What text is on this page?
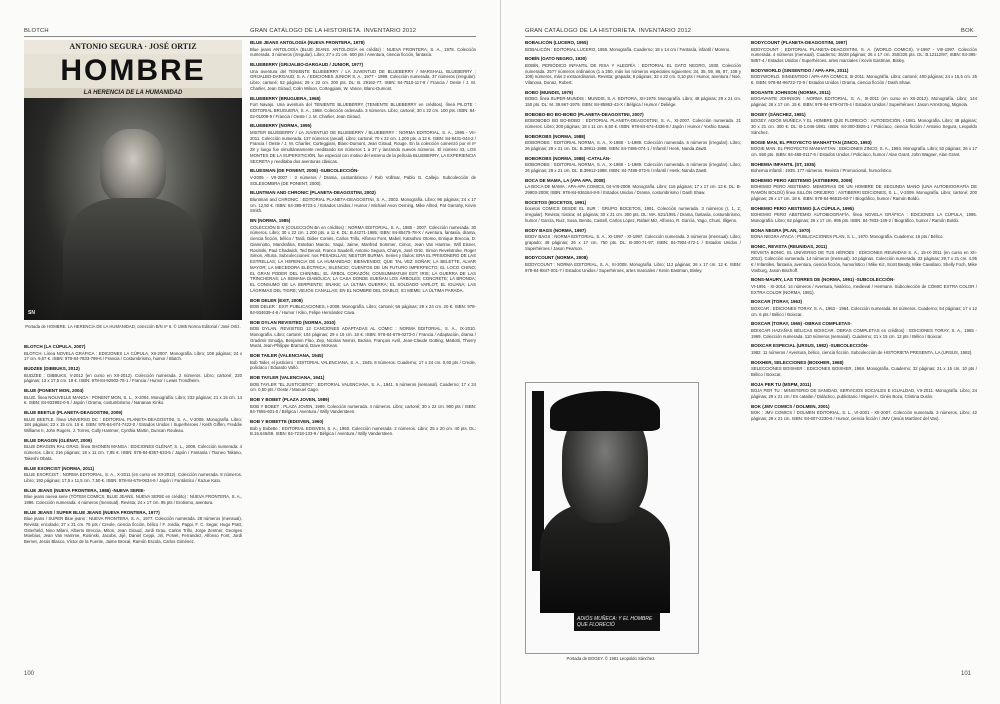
BLOTCH	GRAN CATÁLOGO DE LA HISTORIETA. INVENTARIO 2012
ANTONIO SEGURA · JOSÉ ORTIZ
HOMBRE
LA HERENCIA DE LA HUMANIDAD
SN
Portada de HOMBRE. LA HERENCIA DE LA HUMANIDAD, colección B/N nº 6. © 1985 Norma Editorial / José Ortiz.
BLOTCH (LA CÚPULA, 2007)
BLOTCH. Línea NOVELA GRÁFICA : EDICIONES LA CÚPULA, XII-2007. Monografía. Libro; 108 páginas; 24 x 17 cm. 9,57 €. ISBN: 978-84-7833-799-6 / Francia / Costumbrismo, humor / Blutch.
BUDZEE (DIBBUKS, 2012)
BUDZEE : DIBBUKS, V-2012 (en curso en XII-2012). Colección numerada. 2 números. Libro; cartoné; 220 páginas; 13 x 17,5 cm. 19 €. ISBN: 978-84-92902-78-1 / Francia / Humor / Lewis Trondheim.
BLUE (PONENT MON, 2004)
BLUE. línea NOUVELLE MANGA : PONENT MON, S. L., X-2004. Monografía. Libro; 232 páginas; 21 x 15 cm. 14 €. ISBN: 84-933992-0-5 / Japón / Drama, costumbrismo / Nananan Kiriko.
BLUE BEETLE (PLANETA-DEAGOSTINI, 2009)
BLUE BEETLE. línea UNIVERSO DC : EDITORIAL PLANETA-DEAGOSTINI, S. A., V-2009. Monografía. Libro; 184 páginas; 23 x 15 cm. 15 €. ISBN: 978-84-674-7422-0 / Estados Unidos / Superhéroes / Keith Giffen, Freddie Williams II, John Rogers, J. Torres, Cully Hammer, Cynthia Martin, Duncan Rouleau.
BLUE DRAGON (GLÉNAT, 2009)
BLUE DRAGON RAL GRAD. línea SHONEN MANGA : EDICIONES GLÉNAT, S. L., 2009. Colección numerada. 4 números. Libro; 216 páginas; 18 x 11 cm. 7,95 €. ISBN: 978-84-8357-633-5 / Japón / Fantasía / Tsuneo Takano, Takeshi Obata.
BLUE EXORCIST (NORMA, 2011)
BLUE EXORCIST : NORMA EDITORIAL, S. A., X-2011 (en curso en XII-2012). Colección numerada. 8 números. Libro; 192 páginas; 17,5 x 11,5 cm. 7,50 €. ISBN: 978-84-679-0634-9 / Japón / Fantástico / Kazue Kato.
BLUE JEANS (NUEVA FRONTERA, 1986) -NUEVA SERIE-
Blue jeans nueva serie (TÓTEM COMICS. BLUE JEANS. NUEVA SERIE en crédito) : NUEVA FRONTERA, S. A., 1986. Colección numerada. 4 números (mensual). Revista; 24 x 17 cm. 95 pts / Erotismo, aventura.
BLUE JEANS / SUPER BLUE JEANS (NUEVA FRONTERA, 1977)
Blue jeans / SUPER Blue jeans : NUEVA FRONTERA, S. A., 1977. Colección numerada. 28 números (mensual). Revista; encolado; 27 x 21 cm. 75 pts / Creole, ciencia ficción, bélico / F. Jordia, Pappi, F. C. Segar, Hugo Pratt, Osterheld, Nino Milani, Alberto Breccia, Miton, Jean Giraud, Jordi Grau, Carlos Trillo, Jorge Zentner, Georges Moebius, Jean Van Hamme, Rosinski, Jacobs, Jijé, Daniel Ceppi, Jiri, Poïvet, Ferrandez, Alfonso Font, Jordi Bernet, Jesús Blasco, Víctor de la Fuente, Jaime Brocal, Ramón Escola, Carlos Giménez.
BLUE JEANS ANTOLOGÍA (NUEVA FRONTERA, 1978)
Blue jeans ANTOLOGÍA (BLUE JEANS. ANTOLOGÍA en crédito) : NUEVA FRONTERA, S. A., 1978. Colección numerada. 3 números (irregular). Libro; 27 x 21 cm. 600 pts / Aventura, ciencia ficción, fantasía.
BLUEBERRY (GRIJALBO-DARGAUD / JUNIOR, 1977)
Una aventura del TENIENTE BLUEBERRY / LA JUVENTUD DE BLUEBERRY / MARSHALL BLUEBERRY : GRIJALBO-DARGAUD, S. A. / EDICIONES JUNIOR S. A., 1977 - 1999. Colección numerada. 37 números (irregular). Libro; cartoné; 52 páginas; 29 x 22 cm. 200 pts. DL: B. 29162-77. ISBN: 84-7510-117-8 / Francia / Oeste / J. M. Charlier, Jean Giraud, Colin Wilson, Corteggiani, W. Vance, Blanc-Dumont.
BLUEBERRY (BRUGUERA, 1968)
Fort Navajo. Una aventura del TENIENTE BLUEBERRY (TENIENTE BLUEBERRY en créditos). línea PILOTE : EDITORIAL BRUGUERA, S. A., 1968. Colección ordenada. 3 números. Libro; cartoné; 30 x 22 cm. 100 pts. ISBN: 84-02-01008-9 / Francia / Oeste / J. M. Charlier, Jean Giraud.
BLUEBERRY (NORMA, 1995)
MISTER BLUEBERRY / LA JUVENTUD DE BLUEBERRY / BLUEBERRY : NORMA EDITORIAL, S. A., 1995 - VII-2011. Colección numerada. 137 números (anual). Libro; cartoné; 70 x 22 cm. 1.200 pts. a 12 €. ISBN: 84-8431-044-2 / Francia / Oeste / J. M. Charlier, Corteggiani, Blanc-Dumont, Jean Giraud. Rouge. En la colección comenzó por el nº 28 y luego fue simultáneamente reeditando los números 1 a 37 y lanzando nuevos números. El número 43, LOS MONTES DE LA SUPERSTICIÓN, fue especial con motivo del estreno de la película BLUEBERRY, LA EXPERIENCIA SECRETA y reeditaba dos aventuras clásicas.
BLUESMAN (DE PONENT, 2005) -SUBCOLECCIÓN-
V-2005 - VII-2007 : 3 números / Drama, costumbrismo / Rob Vollmar, Pablo G. Callejo. Subcolección de SOLESOMBRA (DE PONENT, 2000).
BLUNTMAN AND CHRONIC (PLANETA-DEAGOSTINI, 2002)
Bluntman and CHRONIC : EDITORIAL PLANETA-DEAGOSTINI, S. A., 2002. Monografía. Libro; 96 páginas; 24 x 17 cm. 12,50 €. ISBN: 84-395-9723-1 / Estados Unidos / Humor / Michael Avon Oeming, Mike Allred, Pat Garrahy, Kevin Smith.
BN (NORMA, 1985)
COLECCIÓN B N (COLECCIÓN Bn en créditos) : NORMA EDITORIAL, S. A., 1985 - 2007. Colección numerada. 30 números. Libro; 30 x 22 cm. 1.200 pts. a 11 €. DL: B.44271-1985; ISBN: 84-85475-78-X / Aventura, fantasía, drama, ciencia ficción, bélico / Tardi, Didier Comès, Carlos Trillo, Alfonso Font, Mabel, Katsuhiro Otomo, Enrique Breccia, D. Giamnotto, Mandrafina, Esteban Maroto, Yaqui, Jaime, Manfred Sommer, Cimoc, Jean Van Hamme, Will Eisner, Rosinski, Paul Chadwick, Ted Benoit, Franco Saudelli, Antonio Segura, Charyn, José Ortiz. Simon Revelstroke, Roger Simon, Altuna. Subcolecciones: nos PESADILLAS; NESTOR BURMA. Series y títulos: ERA EL PRISIONERO DE LAS ESTRELLAS; LA HERENCIA DE LA HUMANIDAD; BIENVENIDO; QUE TAL VEZ SOÑAR; LA BELETTE, ALVAR MAYOR; LA MECEDORA ELÉCTRICA; SILENCIO; CUENTOS DE UN FUTURO IMPERFECTO; EL LOCO CHINO; EL GRAN PODER DEL CHININEL; EL ÁRBOL CORAZÓN; CONSUMMATUM EST; IRIS; LA GUERRA DE LAS TRINCHERAS; LA SEMANA DIABÓLICA; LA CASA DONDE SUEÑAN LOS ÁRBOLES; CONCRETE; LA BRONDA; EL CONSUMO DE LA SERPIENTE; SNAKE; LA ÚLTIMA GUERRA; EL SOLDADO VARLOT; EL IGUANA; LAS LÁGRIMAS DEL TIGRE; VIEJOS CANALLAS; EN EL NOMBRE DEL DIABLO; ICI MEME; LA ÚLTIMA PARADA.
BOB DELER (EXIT, 2008)
BOB DELER : EXIT PUBLICACIONES, I-2008. Monografía. Libro; cartoné; 56 páginas; 29 x 24 cm. 20 €. ISBN: 978-84-934639-4-6 / Humor / Kiko, Felipe Hernández Cava.
BOB DYLAN REVISITED (NORMA, 2010)
BOB DYLAN. REVISITED 13 CANCIONES ADAPTADAS AL CÓMIC : NORMA EDITORIAL, S. A., IX-2010. Monografía. Libro; cartoné; 104 páginas; 29 x 19 cm. 18 €. ISBN: 978-84-679-0273-0 / Francia / Adaptación, drama / Gradimir Smudja, Benjamin Flao, Zep, Nicolas Nemiri, Bezian, François Avril, Jean-Claude Gotting, Mattotti, Thierry Murat, Jean-Philippe Bramanti, Dave McKean.
BOB TAILER (VALENCIANA, 1945)
Bob Tailer, el justiciero : EDITORIAL VALENCIANA, S. A., 1945. 8 números. Cuaderno; 17 x 24 cm. 0,60 pts / Creole, policíaco / Eduardo Vañó.
BOB TAYLER (VALENCIANA, 1941)
BOB TAYLER "EL JUSTICIERO" : EDITORIAL VALENCIANA, S. A., 1941. 6 números (semanal). Cuaderno; 17 x 24 cm. 0,50 pts / Oeste / Manuel Gago.
BOB Y BOBET (PLAZA JOVEN, 1989)
BOB Y BOBET : PLAZA JOVEN, 1989. Colección numerada. 4 números. Libro; cartoné; 30 x 22 cm. 900 pts / ISBN: 84-7655-601-0 / Bélgica / Aventura / Willy Vandersteen.
BOB Y BOBETTE (EDISVEN, 1960)
Bob y Bobette : EDITORIAL EDISVEN, S. A., 1960. Colección numerada. 2 números. Libro; 25 x 20 cm. 40 pts. DL: B.16.646/69. ISBN: 84-7218-133-9 / Bélgica / Aventura / Willy Vandersteen.
100
GRAN CATÁLOGO DE LA HISTORIETA. INVENTARIO 2012	BOK
BOBALICÓN (LUCERO, 1955)
BOBALICÓN : EDITORIAL LUCERO, 1955. Monografía. Cuaderno; 18 x 14 cm / Fantasía, infantil / Moreno.
BOBÍN (GATO NEGRO, 1930)
BOBÍN, PERIÓDICO INFANTIL DE RISA Y ALEGRÍA : EDITORIAL EL GATO NEGRO, 1930. Colección numerada. 25?? números ordinarios (1 a 250, más los números especiales siguientes: 34, 35, 59, 86, 87, 108 y 109) números, más 2 extraordinarios. Revista; grapada; 8 páginas; 32 x 22 cm. 0,10 pts / Humor, aventura / Noé, Vilanova, Donaz, Robert.
BOBO (MUNDIS, 1979)
BOBO. línea SUPER-MUNDIS : MUNDIS, S. A. EDITORA, XII-1979. Monografía. Libro; 48 páginas; 29 x 21 cm. 150 pts. DL: M. 39.967-1979. ISBN: 84-85863-43-X / Bélgica / Humor / Deliège.
BOBOBO-BO BO-BOBO (PLANETA-DEAGOSTINI, 2007)
BOBOBOBO BO BO-BOBO : EDITORIAL PLANETA-DEAGOSTINI, S. A., XI-2007. Colección numerada. 21 números. Libro; 200 páginas; 18 x 11 cm. 6,50 €. ISBN: 978-84-674-4436-8 / Japón / Humor / Yoshio Sawai.
BOBOROBS (NORMA, 1988)
BOBOROBS : EDITORIAL NORMA, S. A., X-1988 - 1-1989. Colección numerada. 6 números (irregular). Libro; 26 páginas; 29 x 21 cm. DL: B.39911-1988. ISBN: 84-7486-074-1 / Infantil / Henk, Nanda Zawtt.
BOBOROBS (NORMA, 1988) -CATALÁN-
BOBOROBS : EDITORIAL NORMA, S. A., X-1988 - 1-1989. Colección numerada. 6 números (irregular). Libro; 26 páginas; 29 x 21 cm. DL: B.39912-1988. ISBN: 84-7486-072-5 / Infantil / Henk, Nanda Zawtt.
BOCA DE MAMA, LA (APA APA, 2008)
LA BOCA DE MAMA : APA-APA COMICS, 04-VIII-2008. Monografía. Libro; 116 páginas; 17 x 17 cm. 12 €. DL: B-29903-2008; ISBN: 978-84-936164-8-9 / Estados Unidos / Drama, costumbrismo / Dash Shaw.
BOCETOS (BOCETOS, 1991)
bocetos COMICS DESDE EL SUR : GRUPO BOCETOS, 1991. Colección numerada. 3 números (I, 1, 2; irregular). Revista; rústica; 44 páginas; 30 x 21 cm. 300 pts. DL: MA. 821/1991 / Drama, fantasía, costumbrismo, humor / García, Ruiz, Sosa, Benito, Castell, Carlos López, Rafael Miz, Alfonso, R. García, Yago, Chuni, Illigens.
BODY BAGS (NORMA, 1997)
BODY BAGS : NORMA EDITORIAL, S. A., XI-1997 - XI-1997. Colección numerada. 2 números (mensual). Libro; grapado; 48 páginas; 26 x 17 cm. 750 pts. DL: B-300-71-97; ISBN: 84-7904-472-1 / Estados Unidos / Superhéroes / Jason Pearson.
BODYCOUNT (NORMA, 2008)
BODYCOUNT : NORMA EDITORIAL, S. A., III-2008. Monografía. Libro; 112 páginas; 26 x 17 cm. 12 €. ISBN: 978-84-9847-001-7 / Estados Unidos / Superhéroes, artes marciales / Kevin Eastman, Bisley.
ADIÓS MUÑECA: Y EL HOMBRE QUE FLORECIÓ
Portada de BOGEY. © 1981 Leopoldo Sánchez.
BODYCOUNT (PLANETA-DEAGOSTINI, 1997)
BODYCOUNT : EDITORIAL PLANETA-DEAGOSTINI, S. A. (WORLD COMICS), V-1997 - VIII-1997. Colección numerada. 4 números (mensual). Cuaderno; 36/28 páginas; 26 x 17 cm. 250/225 pts. DL: B.12112/97; ISBN: 84-395-5857-4 / Estados Unidos / Superhéroes, artes marciales / Kevin Eastman, Bisley.
BODYWORLD (SINSENTIDO / APA-APA, 2011)
BODYWORLD. SINSENTIDO / APA-APA COMICS, III-2011. Monografía. Libro; cartoné; 400 páginas; 24 x 15,5 cm. 25 €. ISBN: 978-84-96722-72-9 / Estados Unidos / Drama, ciencia ficción / Dash Shaw.
BOGANTE JOHNSON (NORMA, 2011)
BOGAVANTE JOHNSON : NORMA EDITORIAL, S. A., III-2011 (en curso en XII-2012). Monografía. Libro; 144 páginas; 26 x 17 cm. 15 €. ISBN: 978-84-679-0475-4 / Estados Unidos / Superhéroes / Jason Armstrong, Mignola.
BOGEY (SÁNCHEZ, 1981)
BOGEY. ADIÓS MUÑECA Y EL HOMBRE QUE FLORECIÓ : AUTOEDICIÓN, I-1981. Monografía. Libro; 48 páginas; 30 x 21 cm. 300 €. DL: B-1.046-1981. ISBN: 84-300-3826-1 / Policíaco, ciencia ficción / Antonio Segura, Leopoldo Sánchez.
BOGIE MAN, EL PROYECTO MANHATTAN (ZINCO, 1993)
BOGIE MAN. EL PROYECTO MANHATTAN : EDICIONES ZINCO, S. A., 1993. Monografía. Libro; 52 páginas; 26 x 17 cm. 550 pts. ISBN: 84-468-0117-5 / Estados Unidos / Policíaco, humor / Alan Grant, John Wagner, Alan Grant.
BOHEMIA INFANTIL (ST, 1935)
Bohemia infantil : 1935. 177 números. Revista / Promocional, humorístico.
BOHEMIO PERO ABSTEMIO (ASTIBERRI, 2009)
BOHEMIO PERO ABSTEMIO. MEMORIAS DE UN HOMBRE DE SEGUNDA MANO (UNA AUTOBIOGRAFÍA DE RAMÓN BOLDÚ) línea SILLÓN OREJERO : ASTIBERRI EDICIONES, S. L., V-2009. Monografía. Libro; cartoné; 200 páginas; 26 x 17 cm. 18 €. ISBN: 978-84-96815-93-7 / Biográfico, humor / Ramón Boldú.
BOHEMIO PERO ABSTEMIO (LA CÚPULA, 1995)
BOHEMIO PERO ABSTEMIO AUTOBIOGRAFÍA. línea NOVELA GRÁFICA : EDICIONES LA CÚPULA, 1995. Monografía. Libro; 62 páginas; 26 x 17 cm. 995 pts. ISBN: 84-7833-149-2 / Biográfico, humor / Ramón Boldú.
BONA NEGRA (PLAN, 1970)
BONA NEGRA ATACA : PUBLICACIONES PLAN, S. L., 1970. Monografía. Cuaderno; 16 pts / Bélico.
BONIC, REVISTA (REUNIDAS, 2011)
REVISTA BONIC. EL UNIVERSO DE TUS HÉROES : EDICIONES REUNIDAS S. A., 15-IX-2011 (en curso en XII-2012). Colección numerada. 14 números (mensual). 10 páginas. Colección numerada. 32 páginas; 29,7 x 21 cm. 4,95 € / Infantiles, fantasía, aventura, ciencia ficción, humorístico / Mike Kiz, Scott Beatty, Mike Cavallaro, Shelly Foch, Mike Vosburg, Jason Bischoff.
BONS-MAURY, LAS TORRES DE (NORMA, 1991) -SUBCOLECCIÓN-
VI-1991 - XI-2014. 14 números / Aventura, histórico, medieval / Hermann. Subcolección de CÓMIC EXTRA COLOR / EXTRA COLOR (NORMA, 1981).
BOXCAR (TORAY, 1963)
BOXCAR : EDICIONES TORAY, S. A., 1963 - 1964. Colección numerada. 64 números. Cuaderno; 64 páginas; 17 x 12 cm. 6 pts / Bélico / Boixcar.
BOXCAR (TORAY, 1965) -OBRAS COMPLETAS-
BOIXCAR HAZAÑAS BÉLICAS BOIXCAR. OBRAS COMPLETAS en créditos) : EDICIONES TORAY, S. A., 1965 - 1969. Colección numerada. 110 números (semanal). Cuaderno; 21 x 15 cm. 12 pts / Bélico / Boixcar.
BOIXCAR ESPECIAL (URSUS, 1982) -SUBCOLECCIÓN-
1982. 11 números / Aventura, bélico, ciencia ficción. Subcolección de HISTORIETA PRESENTA, LA (URSUS, 1982).
BOIXHER, SELECCIONES (BOIXHER, 1968)
SELECCIONES BOIXHER : EDICIONES BOIXHER, 1968. Monografía. Cuaderno; 32 páginas; 21 x 15 cm. 10 pts / Bélico / Boixcar.
BOJA PER TU (MSPM, 2011)
BOJA PER TU : MINISTERIO DE SANIDAD, SERVICIOS SOCIALES E IGUALDAD, VII-2011. Monografía. Libro; 24 páginas; 29 x 21 cm / En catalán / Didáctico, publicitario / Miguel A. Ginés Boza, Cristina Durán.
BOK (JMV COMICS / DOLMEN, 2001)
BOK : JMV COMICS / DOLMEN EDITORIAL, S. L., VI-2001 - XII-2007. Colección numerada. 3 números. Libro; 42 páginas; 29 x 21 cm. ISBN: 84-607-2230-9 / Humor, ciencia ficción / JMV (Jesús Martínez del Vas).
101
